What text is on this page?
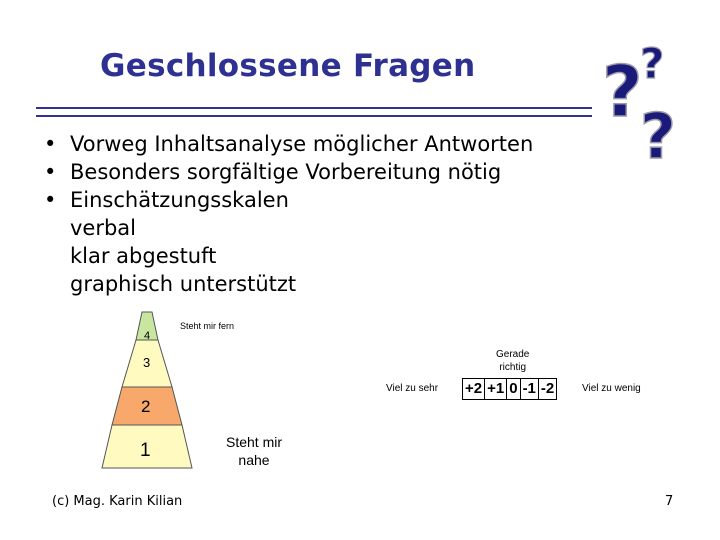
Geschlossene Fragen ?
?
?
• Vorweg Inhaltsanalyse möglicher Antworten
• Besonders sorgfältige Vorbereitung nötig
• Einschätzungsskalen
verbal
klar abgestuft
graphisch unterstützt
4
3
2
1
Steht mir fern
Steht mir
nahe
Gerade
richtig
Viel zu sehr +2 +1 0 -1 -2	Viel zu wenig
(c) Mag. Karin Kilian	7
